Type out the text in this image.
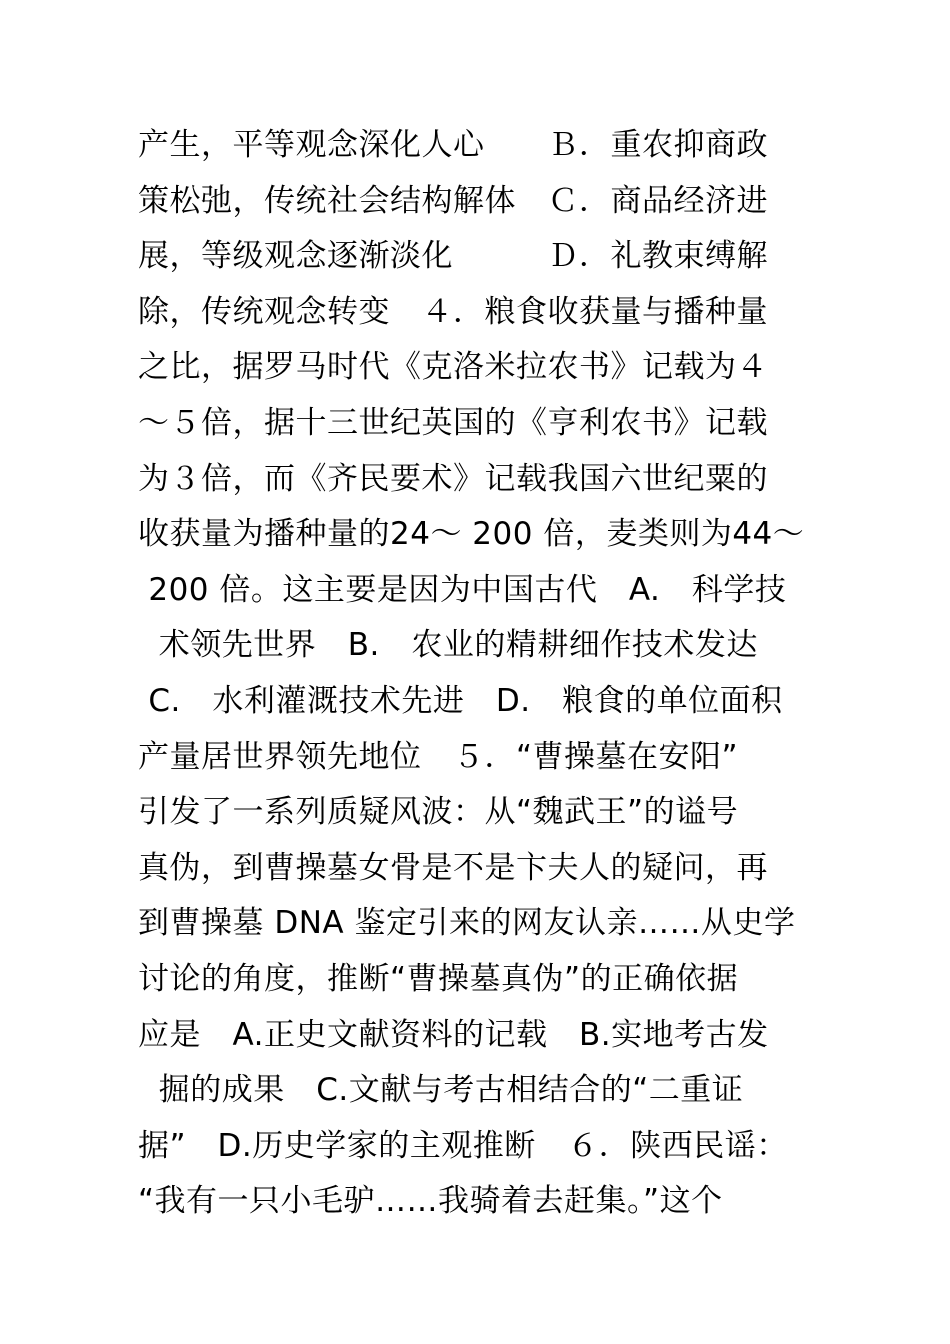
产生，平等观念深化人心　　Ｂ．重农抑商政
策松弛，传统社会结构解体　Ｃ．商品经济进
展，等级观念逐渐淡化　　　Ｄ．礼教束缚解
除，传统观念转变　４．粮食收获量与播种量
之比，据罗马时代《克洛米拉农书》记载为４
～５倍，据十三世纪英国的《亨利农书》记载
为３倍，而《齐民要术》记载我国六世纪粟的
收获量为播种量的24～ 200 倍，麦类则为44～
200 倍。这主要是因为中国古代　A.　科学技
术领先世界　B.　农业的精耕细作技术发达
C.　水利灌溉技术先进　D.　粮食的单位面积
产量居世界领先地位　５．“曹操墓在安阳”
引发了一系列质疑风波：从“魏武王”的谥号
真伪，到曹操墓女骨是不是卞夫人的疑问，再
到曹操墓 DNA 鉴定引来的网友认亲……从史学
讨论的角度，推断“曹操墓真伪”的正确依据
应是　A.正史文献资料的记载　B.实地考古发
掘的成果　C.文献与考古相结合的“二重证
据”　D.历史学家的主观推断　６．陕西民谣：
“我有一只小毛驴……我骑着去赶集。”这个
